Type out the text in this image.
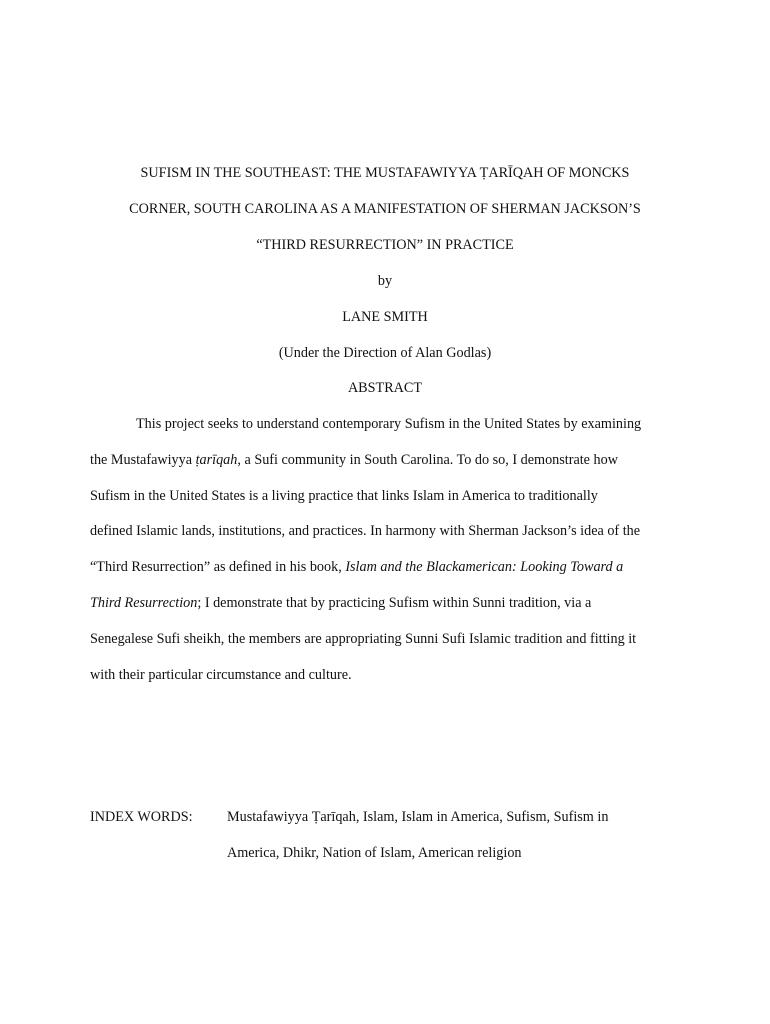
SUFISM IN THE SOUTHEAST: THE MUSTAFAWIYYA ṬARĪQAH OF MONCKS
CORNER, SOUTH CAROLINA AS A MANIFESTATION OF SHERMAN JACKSON’S
“THIRD RESURRECTION” IN PRACTICE
by
LANE SMITH
(Under the Direction of Alan Godlas)
ABSTRACT
This project seeks to understand contemporary Sufism in the United States by examining
the Mustafawiyya ṭarīqah, a Sufi community in South Carolina. To do so, I demonstrate how
Sufism in the United States is a living practice that links Islam in America to traditionally
defined Islamic lands, institutions, and practices. In harmony with Sherman Jackson’s idea of the
“Third Resurrection” as defined in his book, Islam and the Blackamerican: Looking Toward a
Third Resurrection; I demonstrate that by practicing Sufism within Sunni tradition, via a
Senegalese Sufi sheikh, the members are appropriating Sunni Sufi Islamic tradition and fitting it
with their particular circumstance and culture.
INDEX WORDS: Mustafawiyya Ṭarīqah, Islam, Islam in America, Sufism, Sufism in
America, Dhikr, Nation of Islam, American religion
